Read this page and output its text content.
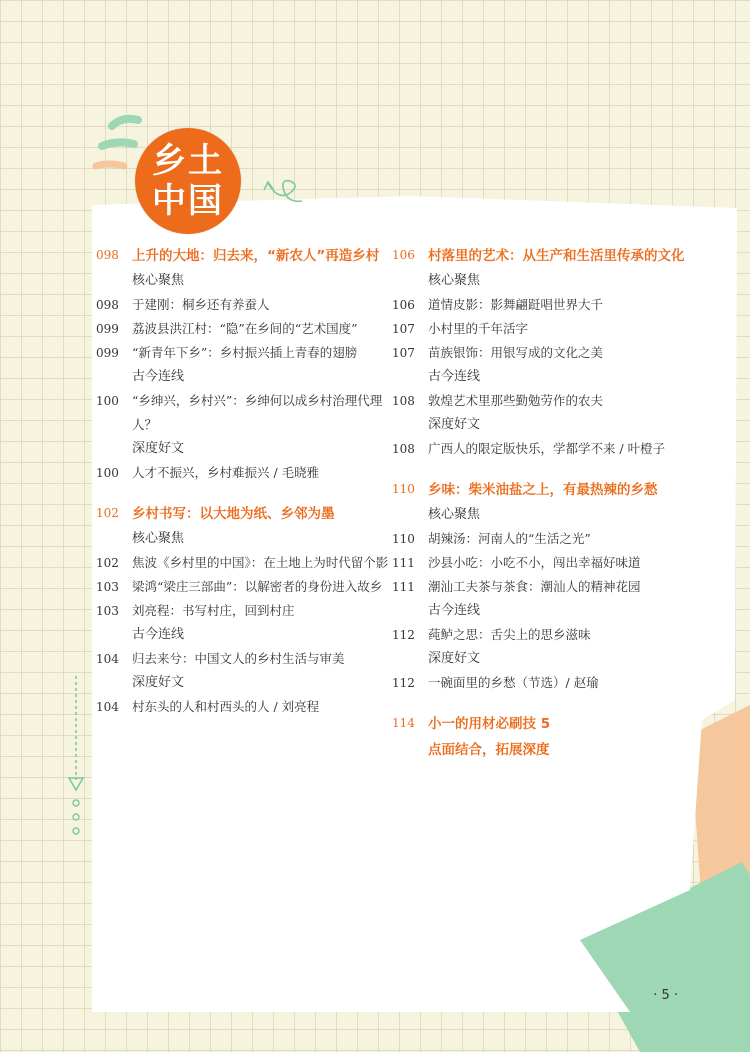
乡土
中国
098 上升的大地：归去来，“新农人”再造乡村
核心聚焦
098	于建刚：桐乡还有养蚕人
099	荔波县洪江村：“隐”在乡间的“艺术国度”
099	“新青年下乡”：乡村振兴插上青春的翅膀
古今连线
100	“乡绅兴，乡村兴”：乡绅何以成乡村治理代理人？
深度好文
100	人才不振兴，乡村难振兴 / 毛晓雅
102 乡村书写：以大地为纸、乡邻为墨
核心聚焦
102	焦波《乡村里的中国》：在土地上为时代留个影
103	梁鸿“梁庄三部曲”：以解密者的身份进入故乡
103	刘亮程：书写村庄，回到村庄
古今连线
104	归去来兮：中国文人的乡村生活与审美
深度好文
104	村东头的人和村西头的人 / 刘亮程
106 村落里的艺术：从生产和生活里传承的文化
核心聚焦
106	道情皮影：影舞翩跹唱世界大千
107	小村里的千年活字
107	苗族银饰：用银写成的文化之美
古今连线
108	敦煌艺术里那些勤勉劳作的农夫
深度好文
108	广西人的限定版快乐，学都学不来 / 叶橙子
110 乡味：柴米油盐之上，有最热辣的乡愁
核心聚焦
110	胡辣汤：河南人的“生活之光”
111	沙县小吃：小吃不小，闯出幸福好味道
111	潮汕工夫茶与茶食：潮汕人的精神花园
古今连线
112	莼鲈之思：舌尖上的思乡滋味
深度好文
112	一碗面里的乡愁（节选）/ 赵瑜
114 小一的用材必刷技 5
点面结合，拓展深度
· 5 ·
